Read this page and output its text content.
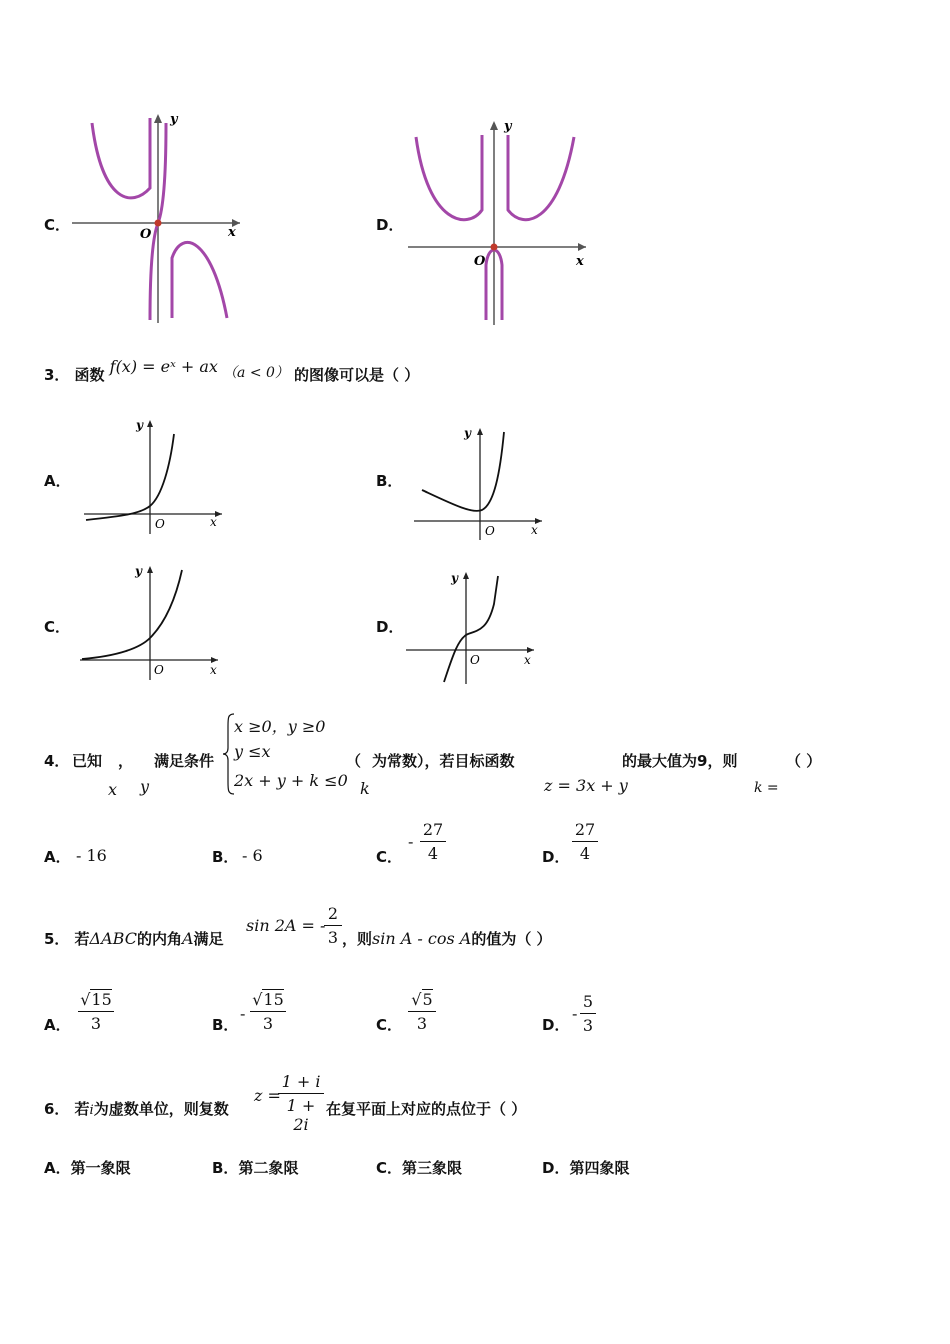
C．
y
x
O
D．
y
x
O
3． 函数 f(x) = eˣ + ax （a < 0） 的图像可以是（ ）
A．
y
x
O
B．
y
x
O
C．
y
x
O
D．
y
x
O
4． 已知 ，
x y
满足条件
x ≥0，y ≥0
y ≤x
2x + y + k ≤0
（
k
为常数），若目标函数
z = 3x + y
的最大值为9，则
k =
（ ）
A． - 16	B． - 6	C．
-
27
4	D．
27
4
5． 若ΔABC的内角A满足
sin 2A = -
2
3 ，则sin A - cos A的值为（ ）
A．
√15
3	B．
-
√15
3	C．
√5
3	D．
-
5
3
6． 若i为虚数单位，则复数
z =
1 + i
1 + 2i
在复平面上对应的点位于（ ）
A．第一象限	B．第二象限	C．第三象限	D．第四象限
